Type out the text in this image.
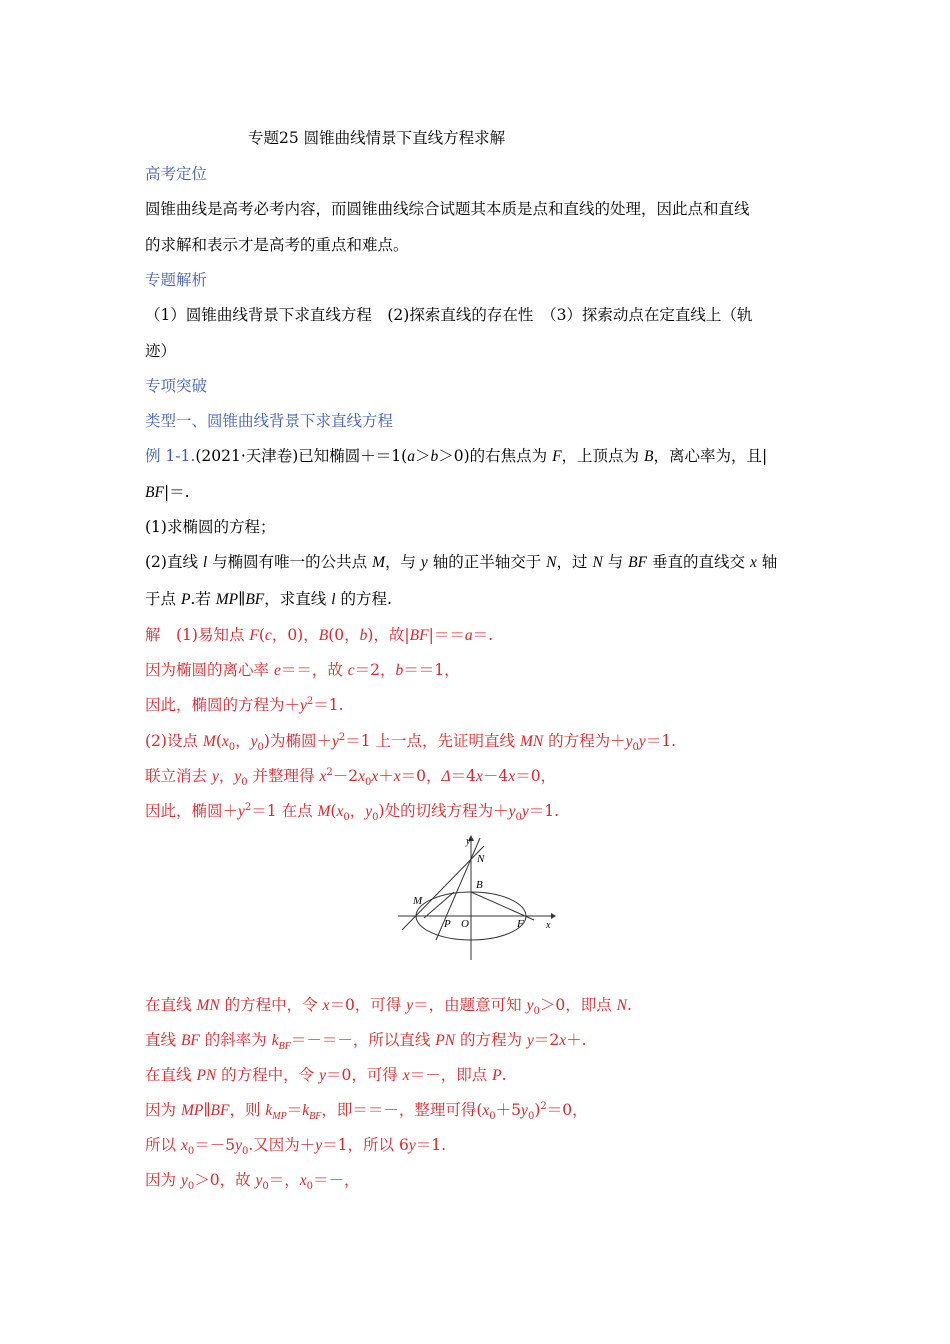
专题25 圆锥曲线情景下直线方程求解
高考定位
圆锥曲线是高考必考内容，而圆锥曲线综合试题其本质是点和直线的处理，因此点和直线
的求解和表示才是高考的重点和难点。
专题解析
（1）圆锥曲线背景下求直线方程　(2)探索直线的存在性　（3）探索动点在定直线上（轨
迹）
专项突破
类型一、圆锥曲线背景下求直线方程
例 1-1.(2021·天津卷)已知椭圆＋＝1(a＞b＞0)的右焦点为 F，上顶点为 B，离心率为，且|
BF|＝.
(1)求椭圆的方程；
(2)直线 l 与椭圆有唯一的公共点 M，与 y 轴的正半轴交于 N，过 N 与 BF 垂直的直线交 x 轴
于点 P.若 MP∥BF，求直线 l 的方程.
解　(1)易知点 F(c，0)，B(0，b)，故|BF|＝＝a＝.
因为椭圆的离心率 e＝＝，故 c＝2，b＝＝1，
因此，椭圆的方程为$+y^2=1$.
(2)设点 $M(x_0$，$y_0$)为椭圆$+y^2=1$ 上一点，先证明直线 MN 的方程为$+y_0y=1$.
联立消去 y，$y_0$ 并整理得 $x^2-2x_0x+x=0$，Δ＝4x－4x＝0，
因此，椭圆$+y^2=1$ 在点 $M(x_0$，$y_0$)处的切线方程为$+y_0y=1$.
y
N
B
M
P O	F x
在直线 MN 的方程中，令 x＝0，可得 y＝，由题意可知 $y_0>0$，即点 N.
直线 BF 的斜率为 $k_{BF}=-=-$，所以直线 PN 的方程为 y＝2x＋.
在直线 PN 的方程中，令 y＝0，可得 x＝－，即点 P.
因为 MP∥BF，则 $k_{MP}=k_{BF}$，即＝＝－，整理可得$(x_0+5y_0)^2=0$，
所以 $x_0=-5y_0$.又因为＋y＝1，所以 6y＝1.
因为 $y_0>0$，故 $y_0=$，$x_0=-$，
